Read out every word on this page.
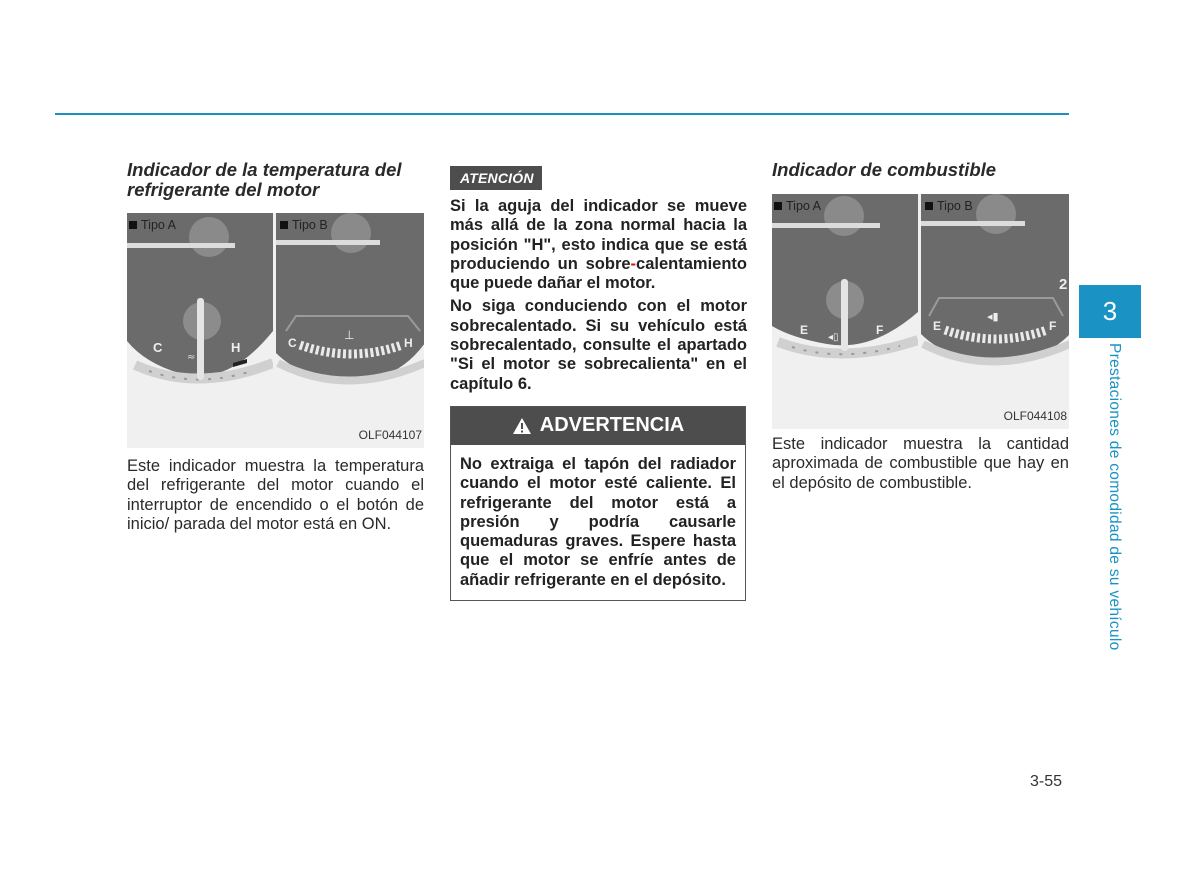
Indicador de la temperatura del
refrigerante del motor
C	H
≈
Tipo A
C	H
⊥
Tipo B
OLF044107

Este indicador muestra la temperatura del refrigerante del motor cuando el interruptor de encendido o el botón de inicio/ parada del motor está en ON.

ATENCIÓN

Si la aguja del indicador se mueve más allá de la zona normal hacia la posición "H", esto indica que se está produciendo un sobre-calentamiento que puede dañar el motor.

No siga conduciendo con el motor sobrecalentado. Si su vehículo está sobrecalentado, consulte el apartado "Si el motor se sobrecalienta" en el capítulo 6.

ADVERTENCIA

No extraiga el tapón del radiador cuando el motor esté caliente. El refrigerante del motor está a presión y podría causarle quemaduras graves. Espere hasta que el motor se enfríe antes de añadir refrigerante en el depósito.

Indicador de combustible
E	F
◂▯
Tipo A
2
E	F
◂▮
Tipo B
OLF044108

Este indicador muestra la cantidad aproximada de combustible que hay en el depósito de combustible.

3
Prestaciones de comodidad de su vehículo
3-55
